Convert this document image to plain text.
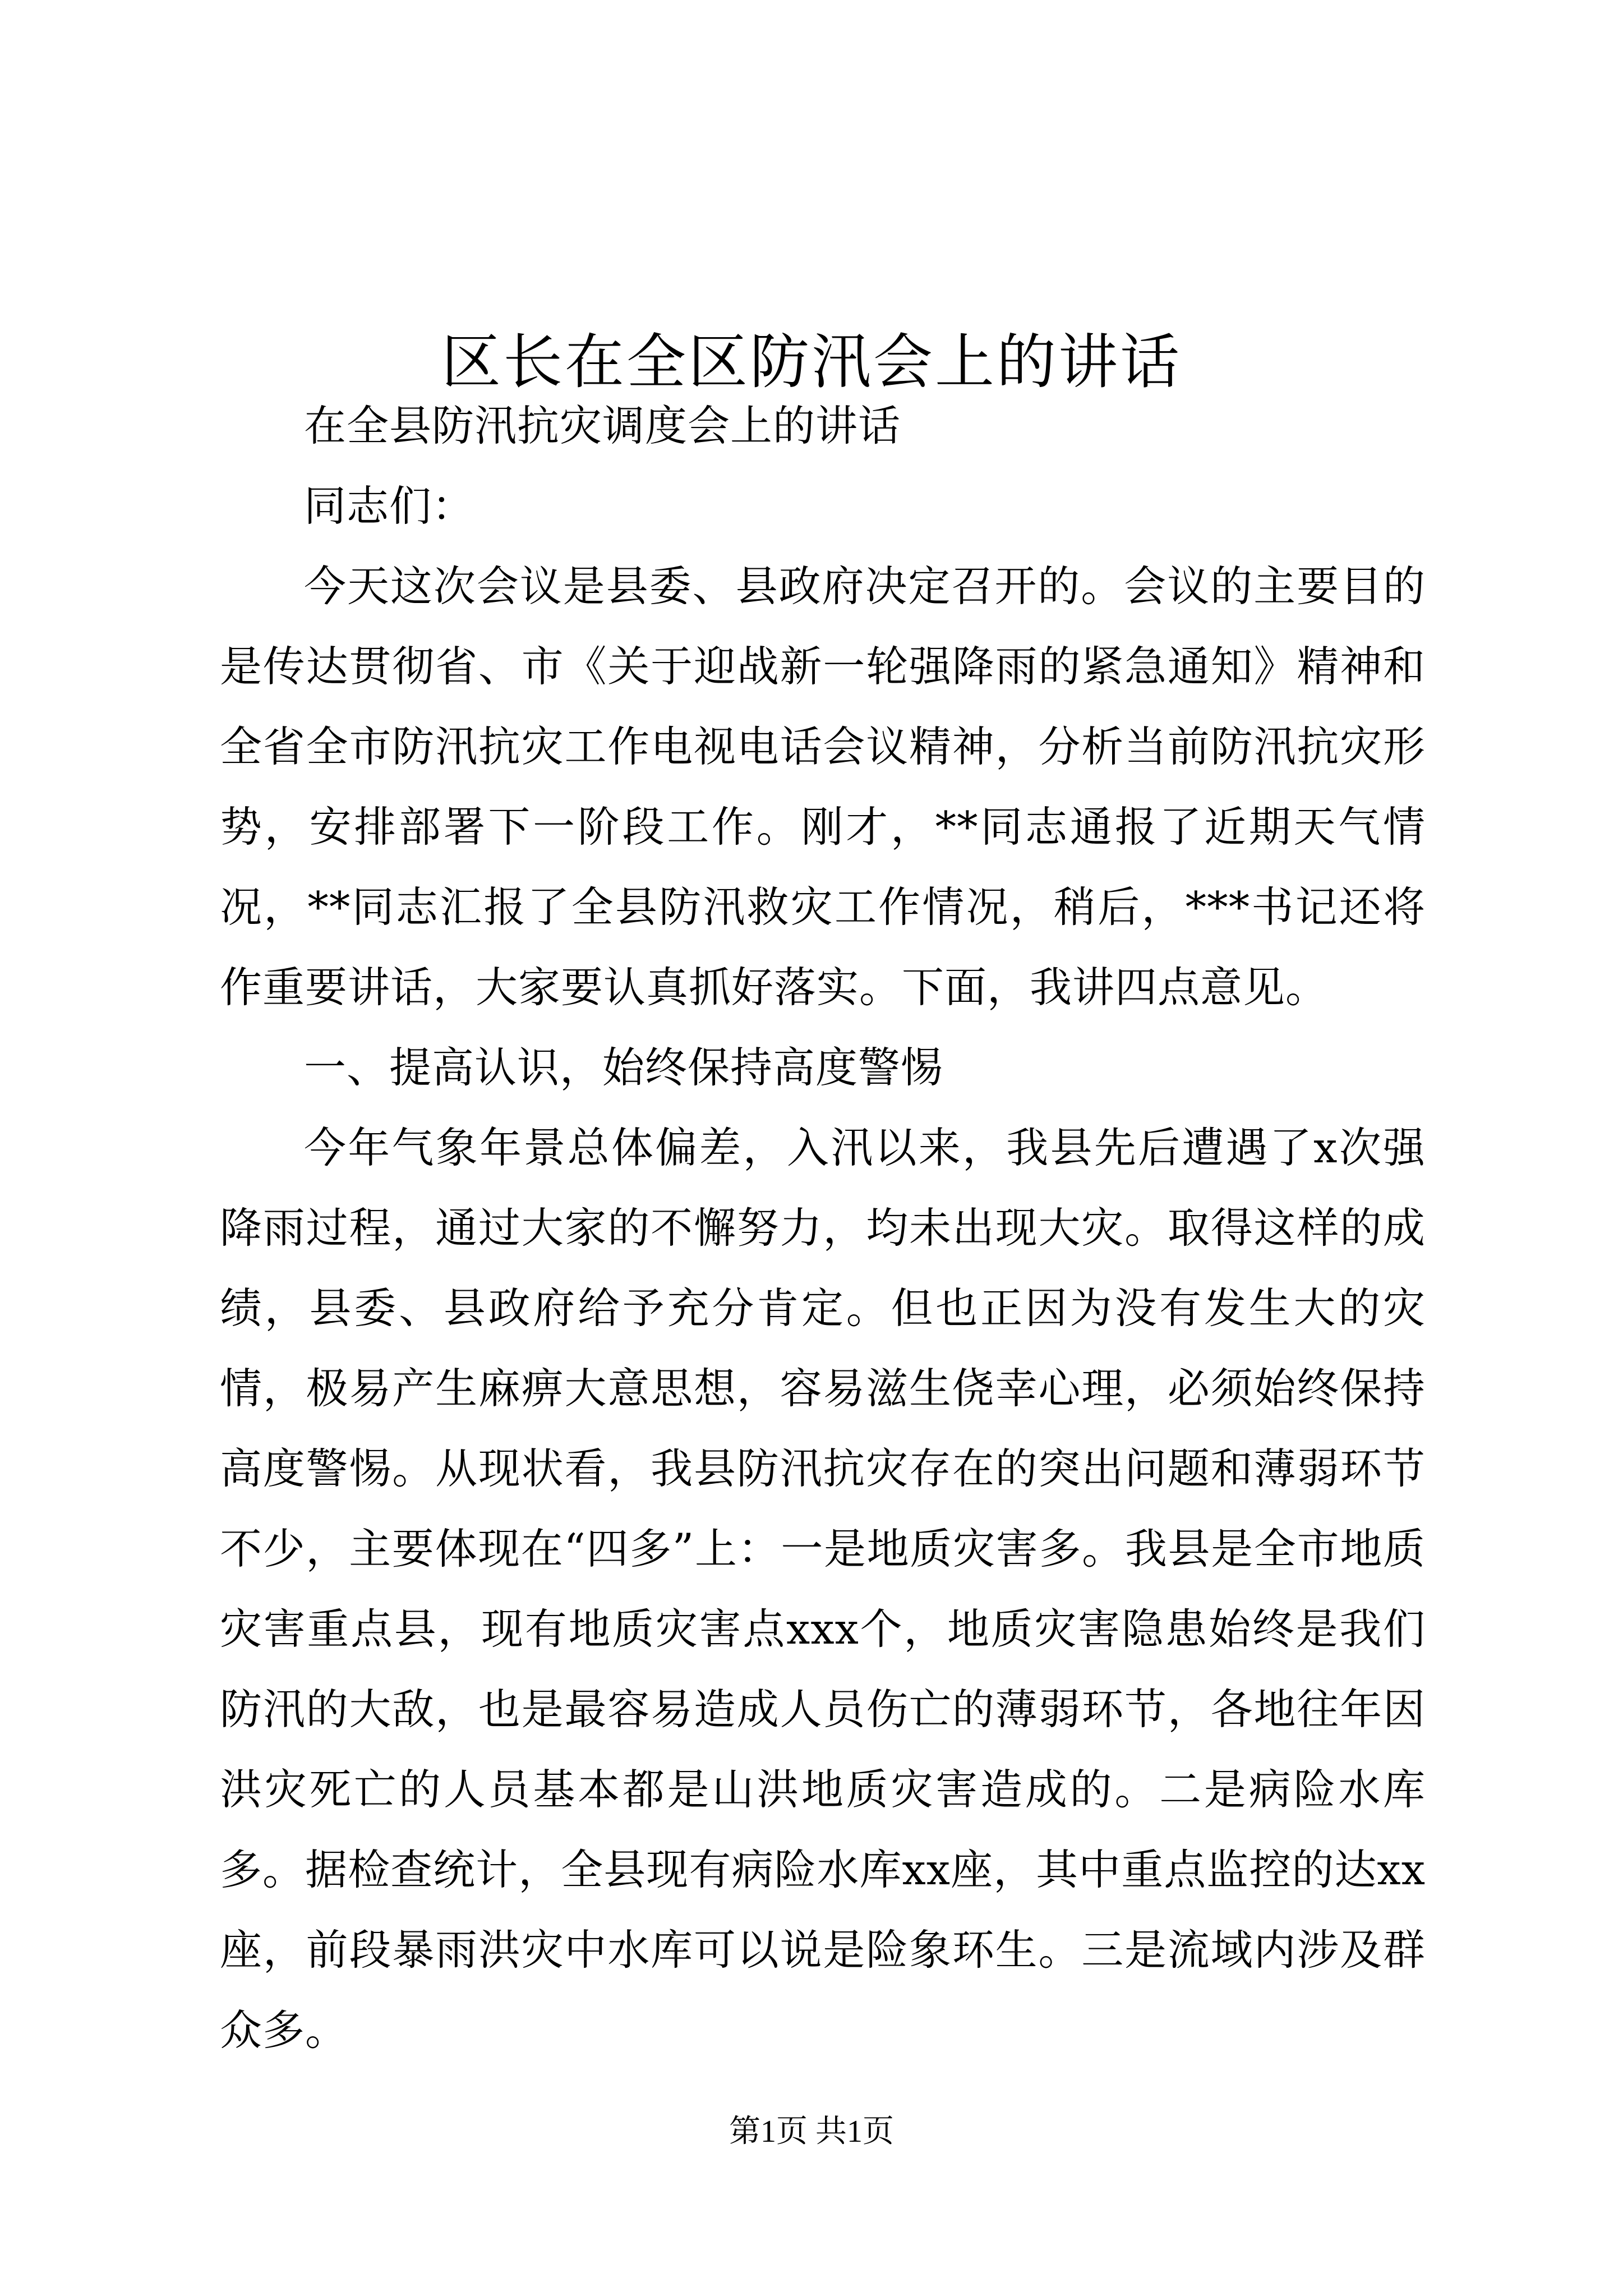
区长在全区防汛会上的讲话

在全县防汛抗灾调度会上的讲话

同志们：

今天这次会议是县委、县政府决定召开的。会议的主要目的是传达贯彻省、市《关于迎战新一轮强降雨的紧急通知》精神和全省全市防汛抗灾工作电视电话会议精神，分析当前防汛抗灾形势，安排部署下一阶段工作。刚才，**同志通报了近期天气情况，**同志汇报了全县防汛救灾工作情况，稍后，***书记还将作重要讲话，大家要认真抓好落实。下面，我讲四点意见。

一、提高认识，始终保持高度警惕

今年气象年景总体偏差，入汛以来，我县先后遭遇了x次强降雨过程，通过大家的不懈努力，均未出现大灾。取得这样的成绩，县委、县政府给予充分肯定。但也正因为没有发生大的灾情，极易产生麻痹大意思想，容易滋生侥幸心理，必须始终保持高度警惕。从现状看，我县防汛抗灾存在的突出问题和薄弱环节不少，主要体现在“四多”上：一是地质灾害多。我县是全市地质灾害重点县，现有地质灾害点xxx个，地质灾害隐患始终是我们防汛的大敌，也是最容易造成人员伤亡的薄弱环节，各地往年因洪灾死亡的人员基本都是山洪地质灾害造成的。二是病险水库多。据检查统计，全县现有病险水库xx座，其中重点监控的达xx座，前段暴雨洪灾中水库可以说是险象环生。三是流域内涉及群众多。

第1页 共1页
